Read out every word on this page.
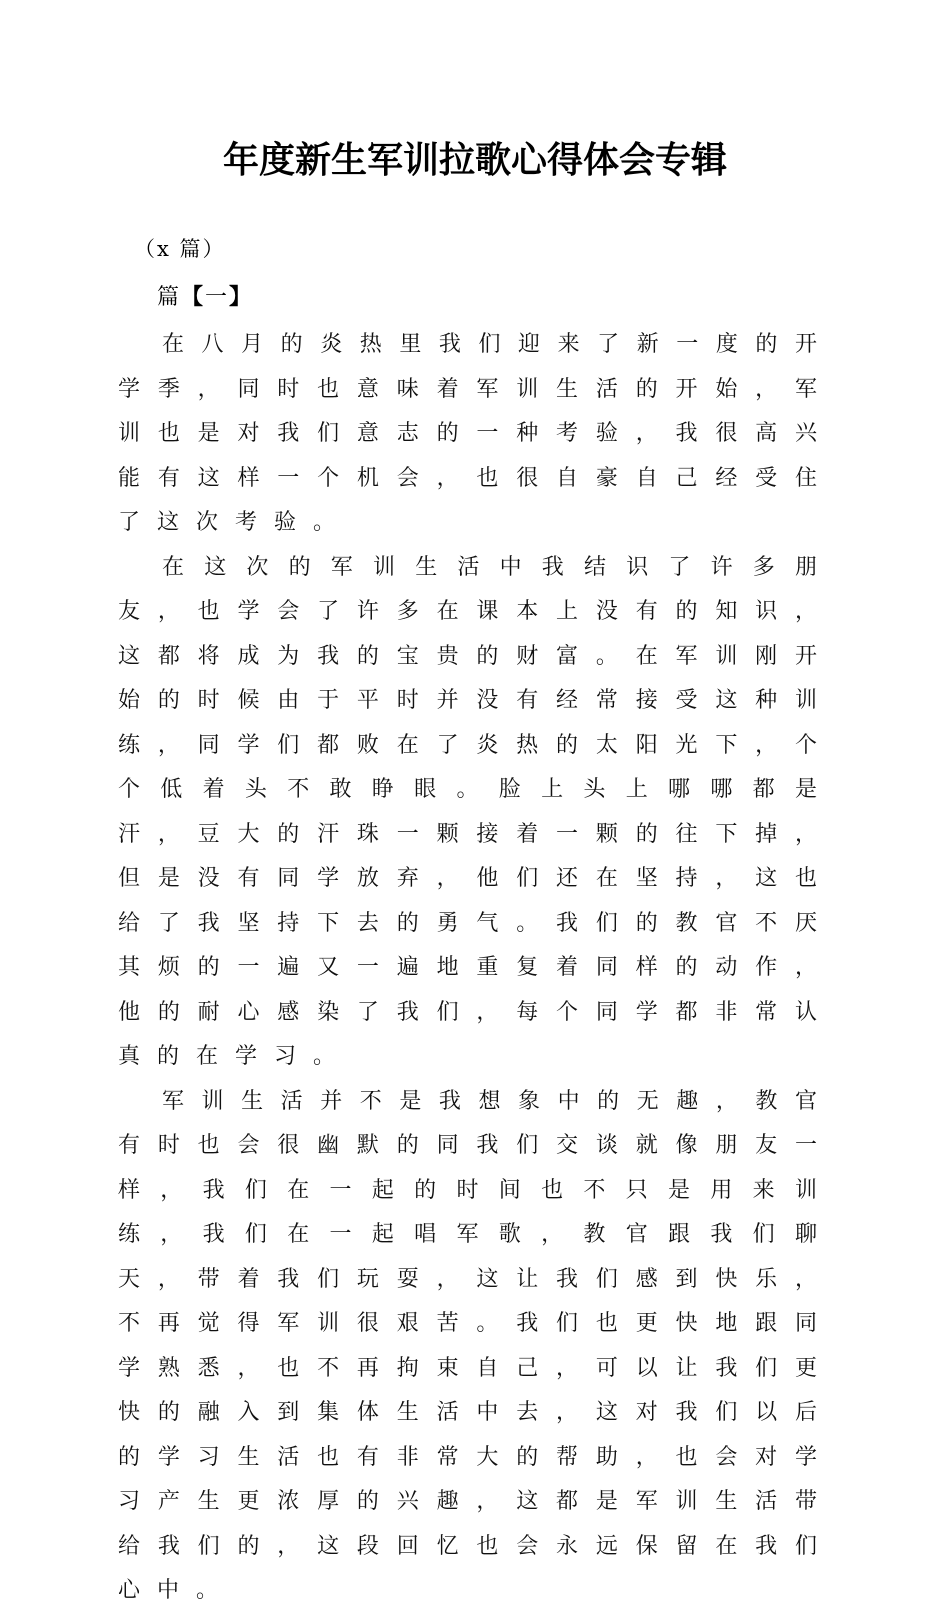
年度新生军训拉歌心得体会专辑
（x 篇）
篇【一】

在八月的炎热里我们迎来了新一度的开学季，同时也意味着军训生活的开始，军训也是对我们意志的一种考验，我很高兴能有这样一个机会，也很自豪自己经受住了这次考验。

在这次的军训生活中我结识了许多朋友，也学会了许多在课本上没有的知识，这都将成为我的宝贵的财富。在军训刚开始的时候由于平时并没有经常接受这种训练，同学们都败在了炎热的太阳光下，个个低着头不敢睁眼。脸上头上哪哪都是汗，豆大的汗珠一颗接着一颗的往下掉，但是没有同学放弃，他们还在坚持，这也给了我坚持下去的勇气。我们的教官不厌其烦的一遍又一遍地重复着同样的动作，他的耐心感染了我们，每个同学都非常认真的在学习。

军训生活并不是我想象中的无趣，教官有时也会很幽默的同我们交谈就像朋友一样，我们在一起的时间也不只是用来训练，我们在一起唱军歌，教官跟我们聊天，带着我们玩耍，这让我们感到快乐，不再觉得军训很艰苦。我们也更快地跟同学熟悉，也不再拘束自己，可以让我们更快的融入到集体生活中去，这对我们以后的学习生活也有非常大的帮助，也会对学习产生更浓厚的兴趣，这都是军训生活带给我们的，这段回忆也会永远保留在我们心中。
